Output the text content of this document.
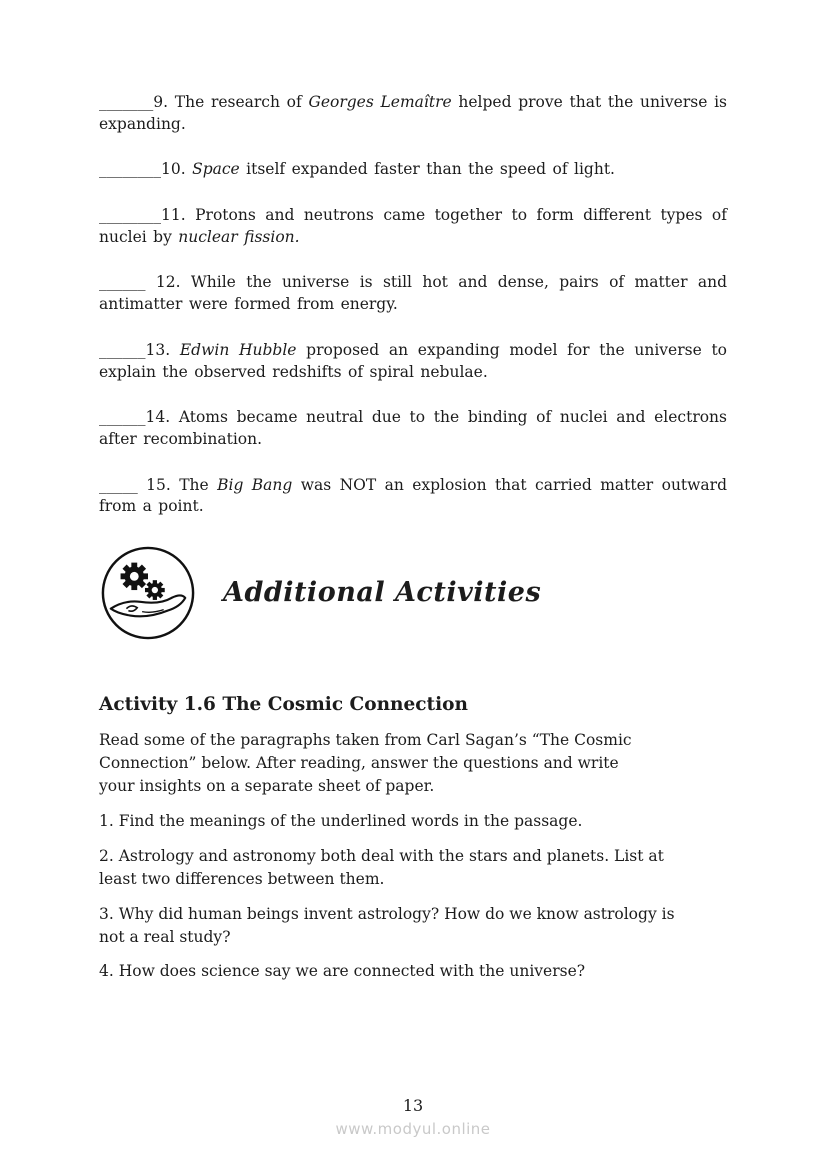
_______9. The research of Georges Lemaître helped prove that the universe is expanding.

________10. Space itself expanded faster than the speed of light.

________11. Protons and neutrons came together to form different types of nuclei by nuclear fission.

______ 12. While the universe is still hot and dense, pairs of matter and antimatter were formed from energy.

______13. Edwin Hubble proposed an expanding model for the universe to explain the observed redshifts of spiral nebulae.

______14. Atoms became neutral due to the binding of nuclei and electrons after recombination.

_____ 15. The Big Bang was NOT an explosion that carried matter outward from a point.

Additional Activities
Activity 1.6 The Cosmic Connection

Read some of the paragraphs taken from Carl Sagan’s “The Cosmic Connection” below. After reading, answer the questions and write your insights on a separate sheet of paper.

1. Find the meanings of the underlined words in the passage.

2. Astrology and astronomy both deal with the stars and planets. List at least two differences between them.

3. Why did human beings invent astrology? How do we know astrology is not a real study?

4. How does science say we are connected with the universe?

13
www.modyul.online
